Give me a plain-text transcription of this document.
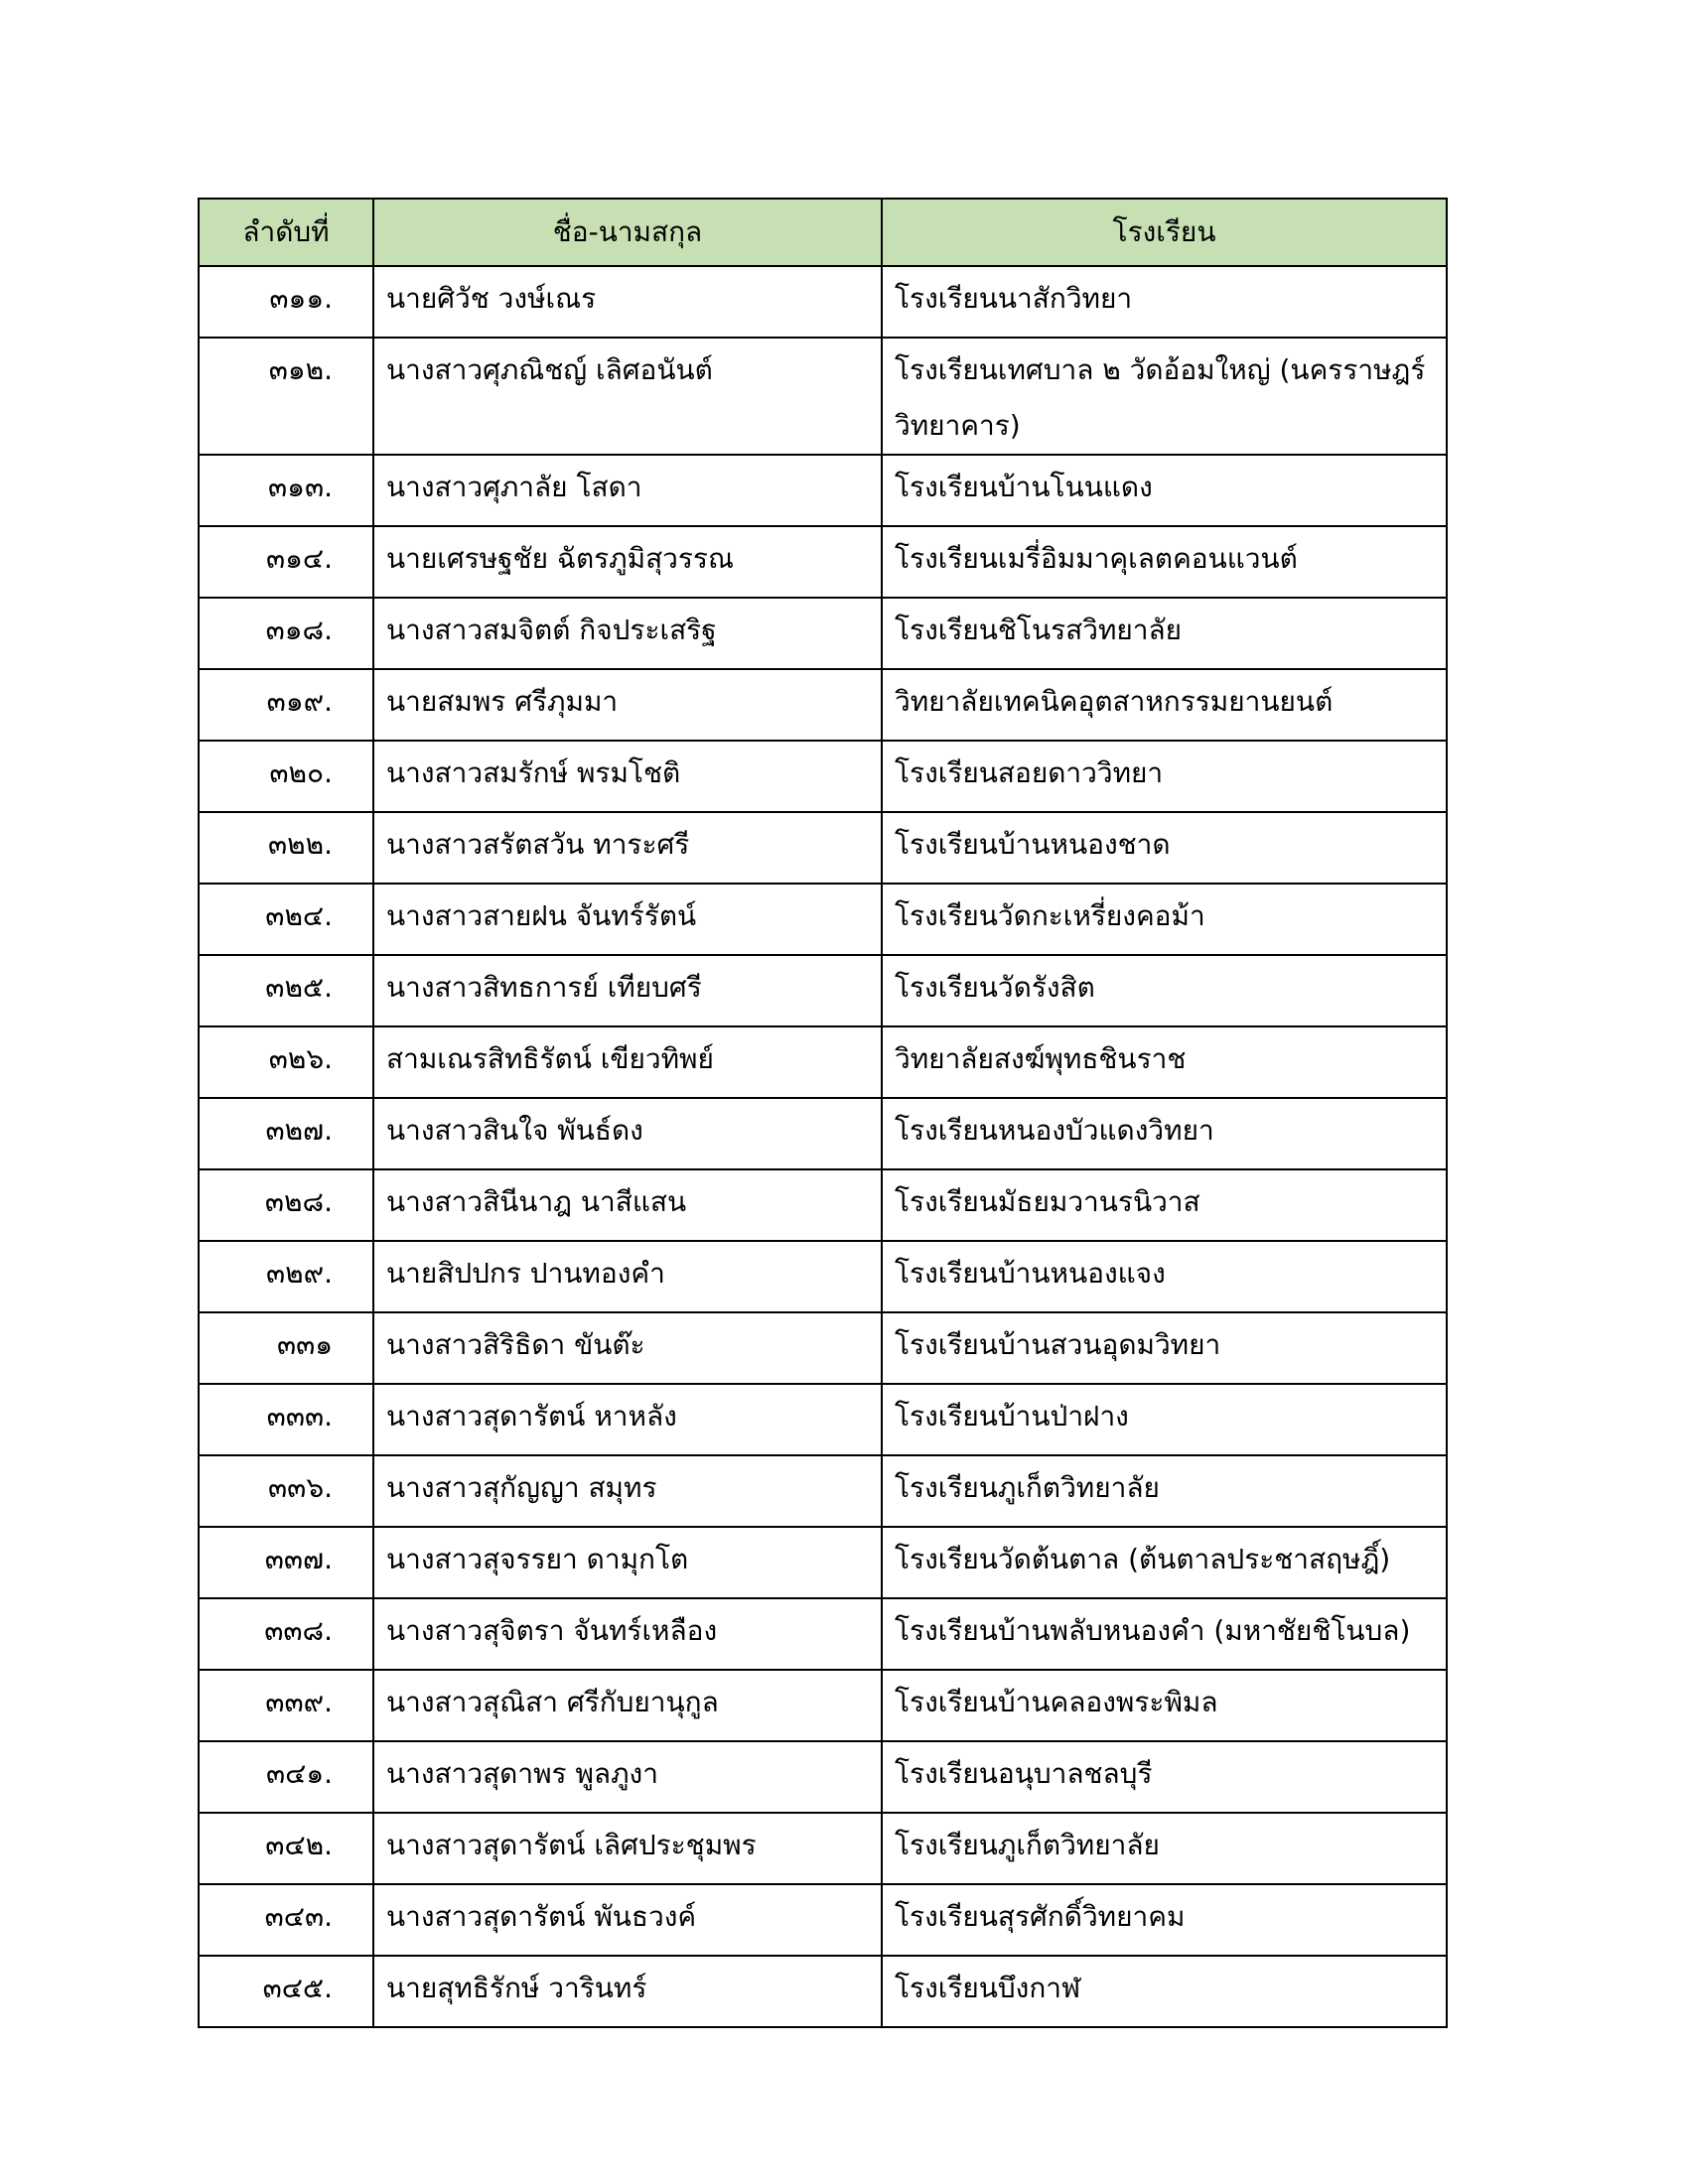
ลำดับที่	ชื่อ-นามสกุล	โรงเรียน
๓๑๑.	นายศิวัช วงษ์เณร	โรงเรียนนาสักวิทยา
๓๑๒.	นางสาวศุภณิชญ์ เลิศอนันต์	โรงเรียนเทศบาล ๒ วัดอ้อมใหญ่ (นครราษฎร์วิทยาคาร)
๓๑๓.	นางสาวศุภาลัย โสดา	โรงเรียนบ้านโนนแดง
๓๑๔.	นายเศรษฐชัย ฉัตรภูมิสุวรรณ	โรงเรียนเมรี่อิมมาคุเลตคอนแวนต์
๓๑๘.	นางสาวสมจิตต์ กิจประเสริฐ	โรงเรียนชิโนรสวิทยาลัย
๓๑๙.	นายสมพร ศรีภุมมา	วิทยาลัยเทคนิคอุตสาหกรรมยานยนต์
๓๒๐.	นางสาวสมรักษ์ พรมโชติ	โรงเรียนสอยดาววิทยา
๓๒๒.	นางสาวสรัตสวัน ทาระศรี	โรงเรียนบ้านหนองชาด
๓๒๔.	นางสาวสายฝน จันทร์รัตน์	โรงเรียนวัดกะเหรี่ยงคอม้า
๓๒๕.	นางสาวสิทธการย์ เทียบศรี	โรงเรียนวัดรังสิต
๓๒๖.	สามเณรสิทธิรัตน์ เขียวทิพย์	วิทยาลัยสงฆ์พุทธชินราช
๓๒๗.	นางสาวสินใจ พันธ์ดง	โรงเรียนหนองบัวแดงวิทยา
๓๒๘.	นางสาวสินีนาฎ นาสีแสน	โรงเรียนมัธยมวานรนิวาส
๓๒๙.	นายสิปปกร ปานทองคำ	โรงเรียนบ้านหนองแจง
๓๓๑	นางสาวสิริธิดา ขันต๊ะ	โรงเรียนบ้านสวนอุดมวิทยา
๓๓๓.	นางสาวสุดารัตน์ หาหลัง	โรงเรียนบ้านป่าฝาง
๓๓๖.	นางสาวสุกัญญา สมุทร	โรงเรียนภูเก็ตวิทยาลัย
๓๓๗.	นางสาวสุจรรยา ดามุกโต	โรงเรียนวัดต้นตาล (ต้นตาลประชาสฤษฎิ์)
๓๓๘.	นางสาวสุจิตรา จันทร์เหลือง	โรงเรียนบ้านพลับหนองคำ (มหาชัยชิโนบล)
๓๓๙.	นางสาวสุณิสา ศรีกับยานุกูล	โรงเรียนบ้านคลองพระพิมล
๓๔๑.	นางสาวสุดาพร พูลภูงา	โรงเรียนอนุบาลชลบุรี
๓๔๒.	นางสาวสุดารัตน์ เลิศประชุมพร	โรงเรียนภูเก็ตวิทยาลัย
๓๔๓.	นางสาวสุดารัตน์ พันธวงค์	โรงเรียนสุรศักดิ์วิทยาคม
๓๔๕.	นายสุทธิรักษ์ วารินทร์	โรงเรียนบึงกาฬ
